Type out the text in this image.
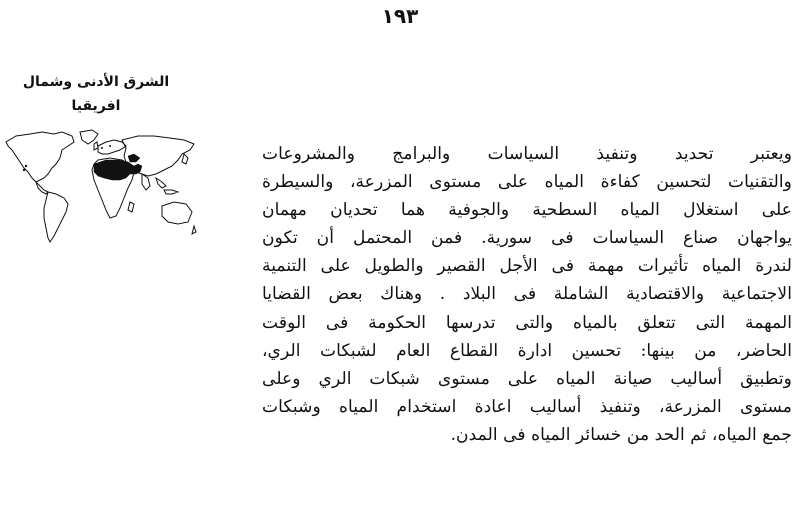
١٩٣
الشرق الأدنى وشمال
افريقيا
ويعتبر تحديد وتنفيذ السياسات والبرامج والمشروعات
والتقنيات لتحسين كفاءة المياه على مستوى المزرعة، والسيطرة
على استغلال المياه السطحية والجوفية هما تحديان مهمان
يواجهان صناع السياسات فى سورية. فمن المحتمل أن تكون
لندرة المياه تأثيرات مهمة فى الأجل القصير والطويل على التنمية
الاجتماعية والاقتصادية الشاملة فى البلاد . وهناك بعض القضايا
المهمة التى تتعلق بالمياه والتى تدرسها الحكومة فى الوقت
الحاضر، من بينها: تحسين ادارة القطاع العام لشبكات الري،
وتطبيق أساليب صيانة المياه على مستوى شبكات الري وعلى
مستوى المزرعة، وتنفيذ أساليب اعادة استخدام المياه وشبكات
جمع المياه، ثم الحد من خسائر المياه فى المدن.
